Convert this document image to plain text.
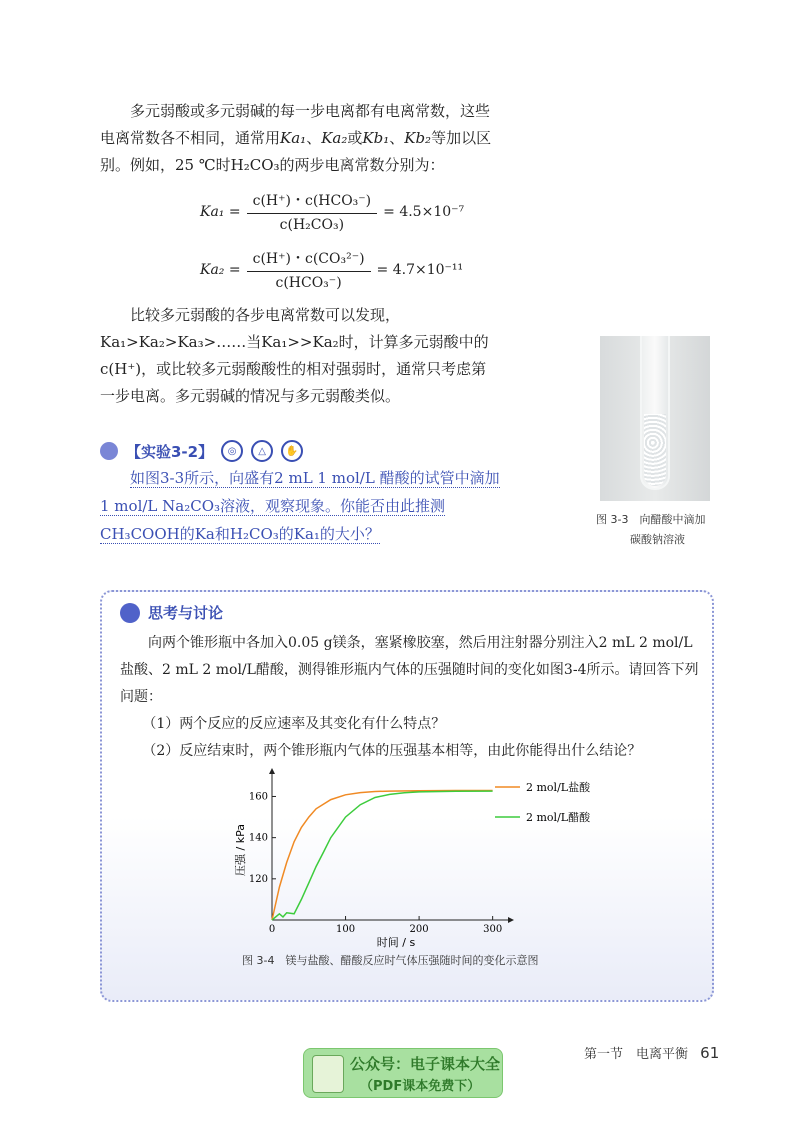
多元弱酸或多元弱碱的每一步电离都有电离常数，这些电离常数各不相同，通常用Ka₁、Ka₂或Kb₁、Kb₂等加以区别。例如，25 ℃时H₂CO₃的两步电离常数分别为：

$Ka_1 = \frac{\text{c(H⁺)・c(HCO₃⁻)}}{\text{c(H₂CO₃)}} = 4.5\times 10^{-7}$
$Ka_2 = \frac{\text{c(H⁺)・c(CO₃²⁻)}}{\text{c(HCO₃⁻)}} = 4.7\times 10^{-11}$

比较多元弱酸的各步电离常数可以发现，Ka₁>Ka₂>Ka₃>……当Ka₁>>Ka₂时，计算多元弱酸中的c(H⁺)，或比较多元弱酸酸性的相对强弱时，通常只考虑第一步电离。多元弱碱的情况与多元弱酸类似。

【实验3-2】	◎	△	✋

如图3-3所示，向盛有2 mL 1 mol/L 醋酸的试管中滴加1 mol/L Na₂CO₃溶液，观察现象。你能否由此推测CH₃COOH的Ka和H₂CO₃的Ka₁的大小？

图 3-3　向醋酸中滴加
碳酸钠溶液
思考与讨论

向两个锥形瓶中各加入0.05 g镁条，塞紧橡胶塞，然后用注射器分别注入2 mL 2 mol/L盐酸、2 mL 2 mol/L醋酸，测得锥形瓶内气体的压强随时间的变化如图3-4所示。请回答下列问题：

（1）两个反应的反应速率及其变化有什么特点？

（2）反应结束时，两个锥形瓶内气体的压强基本相等，由此你能得出什么结论？

0	100	200	300
120
140
160
时间 / s
压强 / kPa
2 mol/L盐酸
2 mol/L醋酸
图 3-4　镁与盐酸、醋酸反应时气体压强随时间的变化示意图
第一节　电离平衡 61
公众号：电子课本大全
（PDF课本免费下）
